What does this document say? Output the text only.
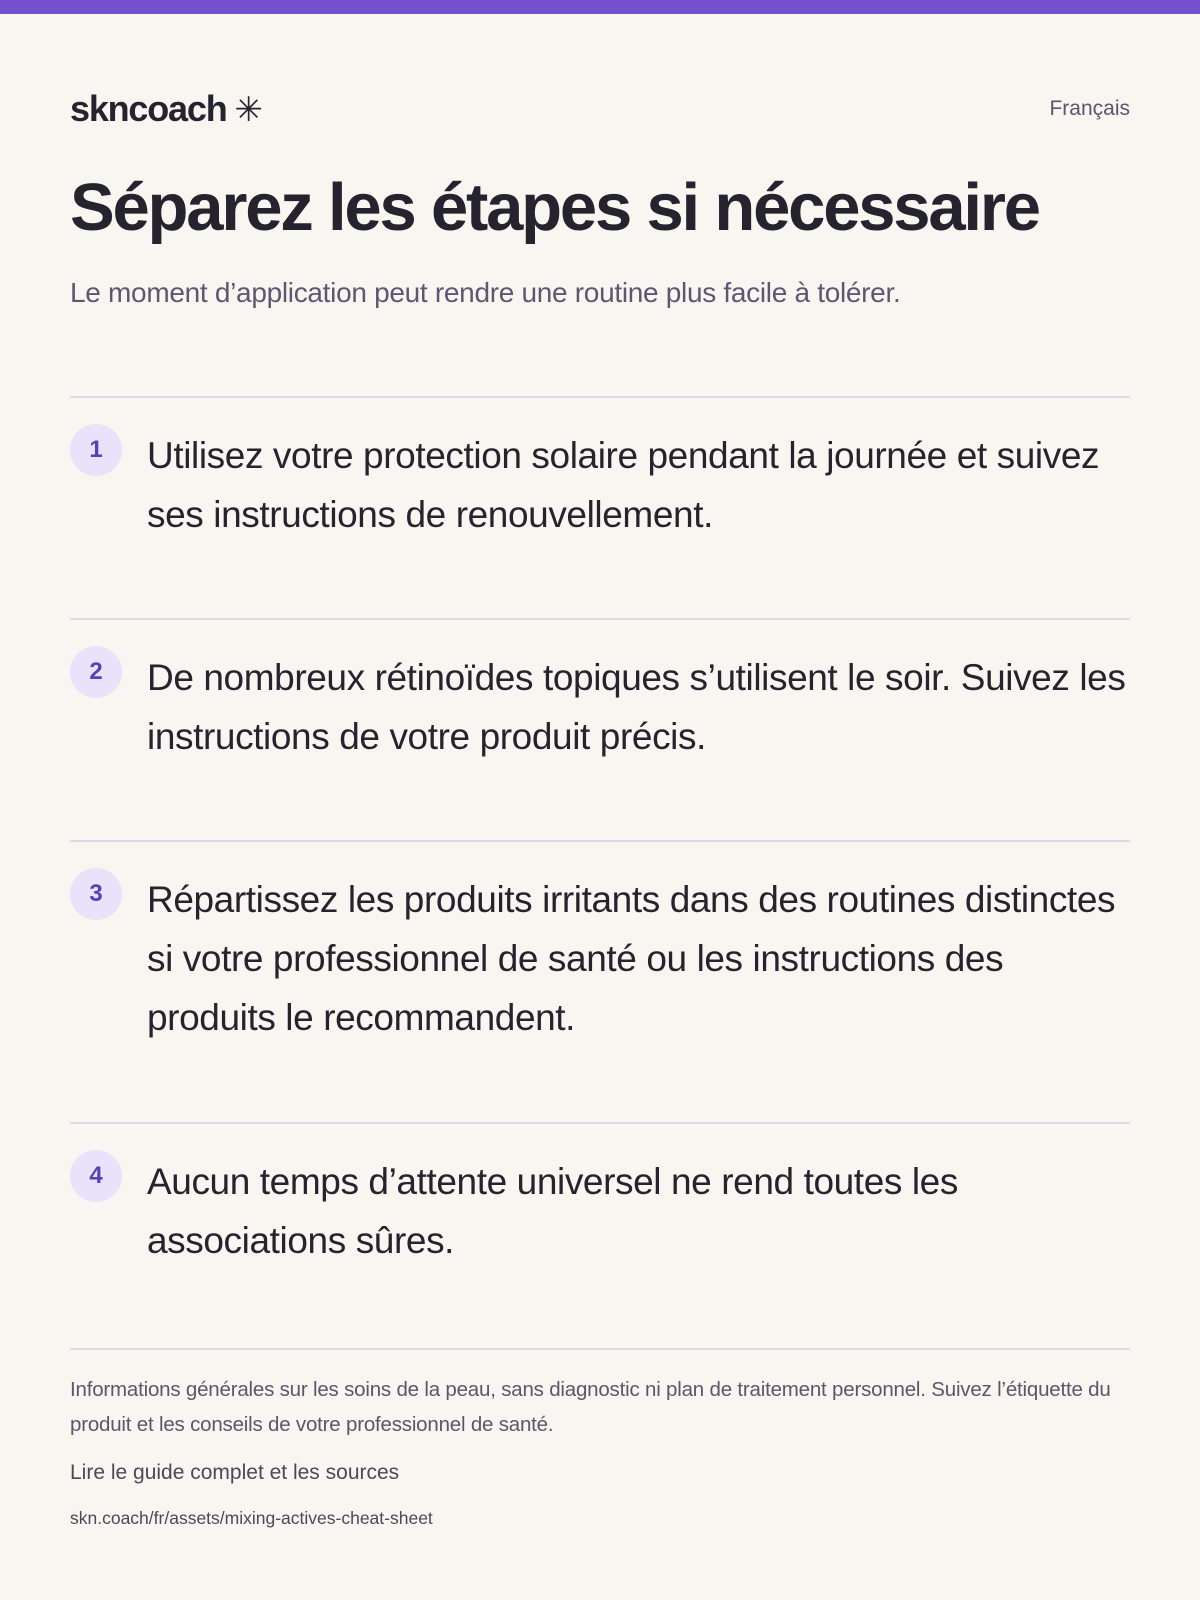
skncoach ✳	Français
Séparez les étapes si nécessaire

Le moment d’application peut rendre une routine plus facile à tolérer.

1	Utilisez votre protection solaire pendant la journée et suivez ses instructions de renouvellement.
2	De nombreux rétinoïdes topiques s’utilisent le soir. Suivez les instructions de votre produit précis.
3	Répartissez les produits irritants dans des routines distinctes si votre professionnel de santé ou les instructions des produits le recommandent.
4	Aucun temps d’attente universel ne rend toutes les associations sûres.

Informations générales sur les soins de la peau, sans diagnostic ni plan de traitement personnel. Suivez l’étiquette du produit et les conseils de votre professionnel de santé.

Lire le guide complet et les sources
skn.coach/fr/assets/mixing-actives-cheat-sheet
